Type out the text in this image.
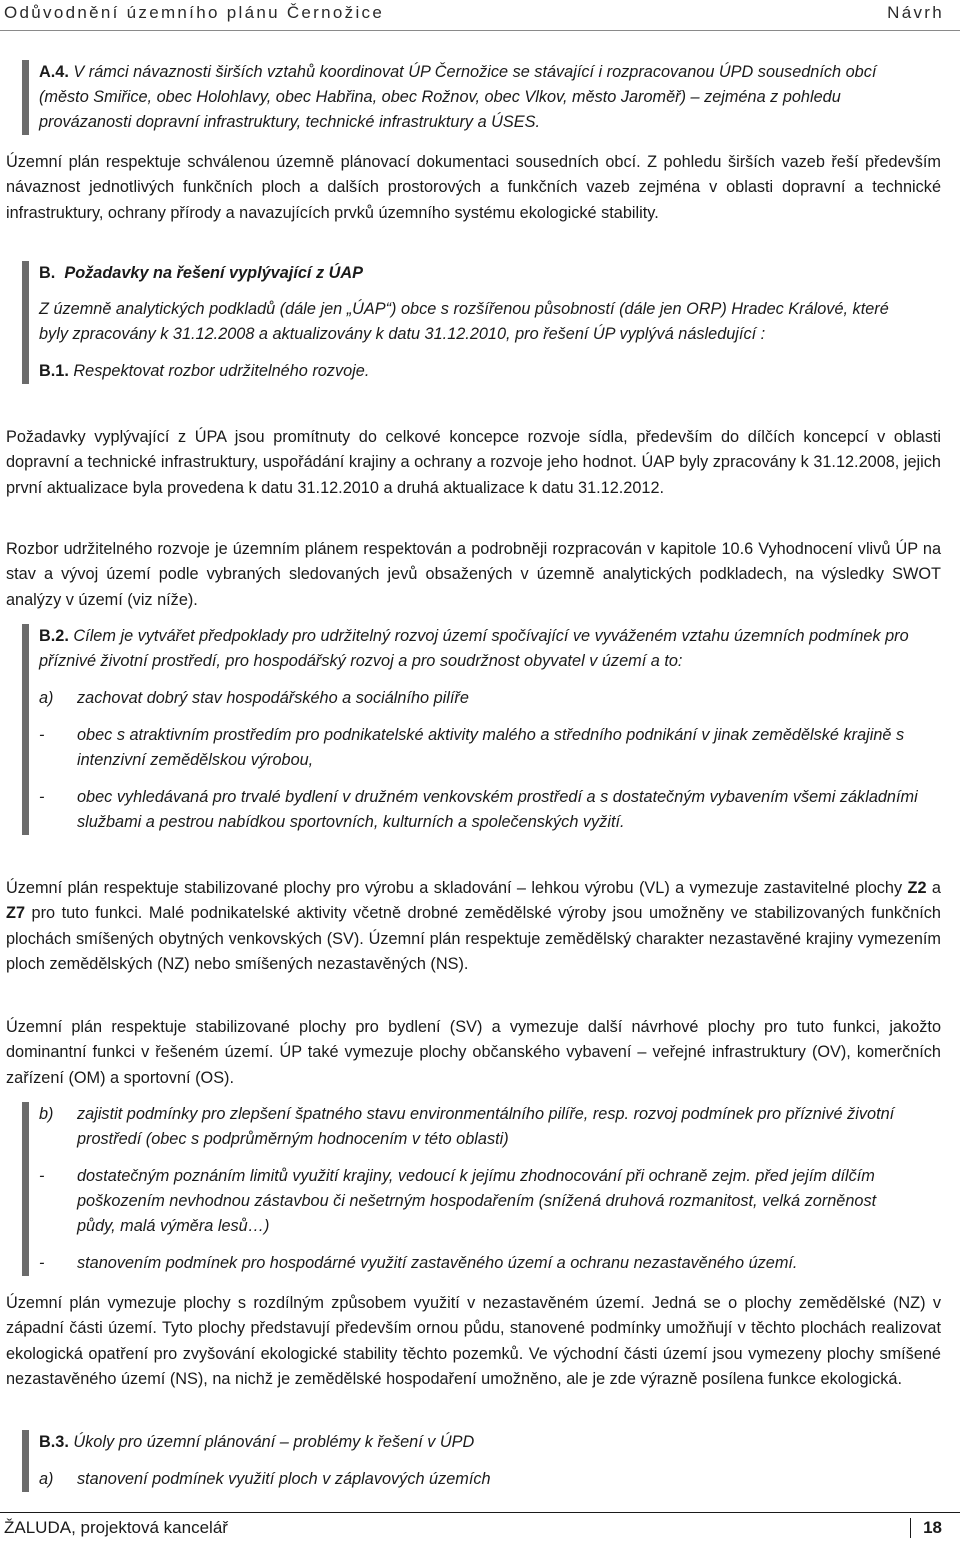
Odůvodnění územního plánu Černožice	Návrh

A.4. V rámci návaznosti širších vztahů koordinovat ÚP Černožice se stávající i rozpracovanou ÚPD sousedních obcí (město Smiřice, obec Holohlavy, obec Habřina, obec Rožnov, obec Vlkov, město Jaroměř) – zejména z pohledu provázanosti dopravní infrastruktury, technické infrastruktury a ÚSES.

Územní plán respektuje schválenou územně plánovací dokumentaci sousedních obcí. Z pohledu širších vazeb řeší především návaznost jednotlivých funkčních ploch a dalších prostorových a funkčních vazeb zejména v oblasti dopravní a technické infrastruktury, ochrany přírody a navazujících prvků územního systému ekologické stability.

B. Požadavky na řešení vyplývající z ÚAP

Z územně analytických podkladů (dále jen „ÚAP“) obce s rozšířenou působností (dále jen ORP) Hradec Králové, které byly zpracovány k 31.12.2008 a aktualizovány k datu 31.12.2010, pro řešení ÚP vyplývá následující :

B.1. Respektovat rozbor udržitelného rozvoje.

Požadavky vyplývající z ÚPA jsou promítnuty do celkové koncepce rozvoje sídla, především do dílčích koncepcí v oblasti dopravní a technické infrastruktury, uspořádání krajiny a ochrany a rozvoje jeho hodnot. ÚAP byly zpracovány k 31.12.2008, jejich první aktualizace byla provedena k datu 31.12.2010 a druhá aktualizace k datu 31.12.2012.

Rozbor udržitelného rozvoje je územním plánem respektován a podrobněji rozpracován v kapitole 10.6 Vyhodnocení vlivů ÚP na stav a vývoj území podle vybraných sledovaných jevů obsažených v územně analytických podkladech, na výsledky SWOT analýzy v území (viz níže).

B.2. Cílem je vytvářet předpoklady pro udržitelný rozvoj území spočívající ve vyváženém vztahu územních podmínek pro příznivé životní prostředí, pro hospodářský rozvoj a pro soudržnost obyvatel v území a to:

a) zachovat dobrý stav hospodářského a sociálního pilíře
- obec s atraktivním prostředím pro podnikatelské aktivity malého a středního podnikání v jinak zemědělské krajině s intenzivní zemědělskou výrobou,
- obec vyhledávaná pro trvalé bydlení v družném venkovském prostředí a s dostatečným vybavením všemi základními službami a pestrou nabídkou sportovních, kulturních a společenských vyžití.

Územní plán respektuje stabilizované plochy pro výrobu a skladování – lehkou výrobu (VL) a vymezuje zastavitelné plochy Z2 a Z7 pro tuto funkci. Malé podnikatelské aktivity včetně drobné zemědělské výroby jsou umožněny ve stabilizovaných funkčních plochách smíšených obytných venkovských (SV). Územní plán respektuje zemědělský charakter nezastavěné krajiny vymezením ploch zemědělských (NZ) nebo smíšených nezastavěných (NS).

Územní plán respektuje stabilizované plochy pro bydlení (SV) a vymezuje další návrhové plochy pro tuto funkci, jakožto dominantní funkci v řešeném území. ÚP také vymezuje plochy občanského vybavení – veřejné infrastruktury (OV), komerčních zařízení (OM) a sportovní (OS).

b) zajistit podmínky pro zlepšení špatného stavu environmentálního pilíře, resp. rozvoj podmínek pro příznivé životní prostředí (obec s podprůměrným hodnocením v této oblasti)
- dostatečným poznáním limitů využití krajiny, vedoucí k jejímu zhodnocování při ochraně zejm. před jejím dílčím poškozením nevhodnou zástavbou či nešetrným hospodařením (snížená druhová rozmanitost, velká zorněnost půdy, malá výměra lesů…)
- stanovením podmínek pro hospodárné využití zastavěného území a ochranu nezastavěného území.

Územní plán vymezuje plochy s rozdílným způsobem využití v nezastavěném území. Jedná se o plochy zemědělské (NZ) v západní části území. Tyto plochy představují především ornou půdu, stanovené podmínky umožňují v těchto plochách realizovat ekologická opatření pro zvyšování ekologické stability těchto pozemků. Ve východní části území jsou vymezeny plochy smíšené nezastavěného území (NS), na nichž je zemědělské hospodaření umožněno, ale je zde výrazně posílena funkce ekologická.

B.3. Úkoly pro územní plánování – problémy k řešení v ÚPD

a) stanovení podmínek využití ploch v záplavových územích
ŽALUDA, projektová kancelář	18
